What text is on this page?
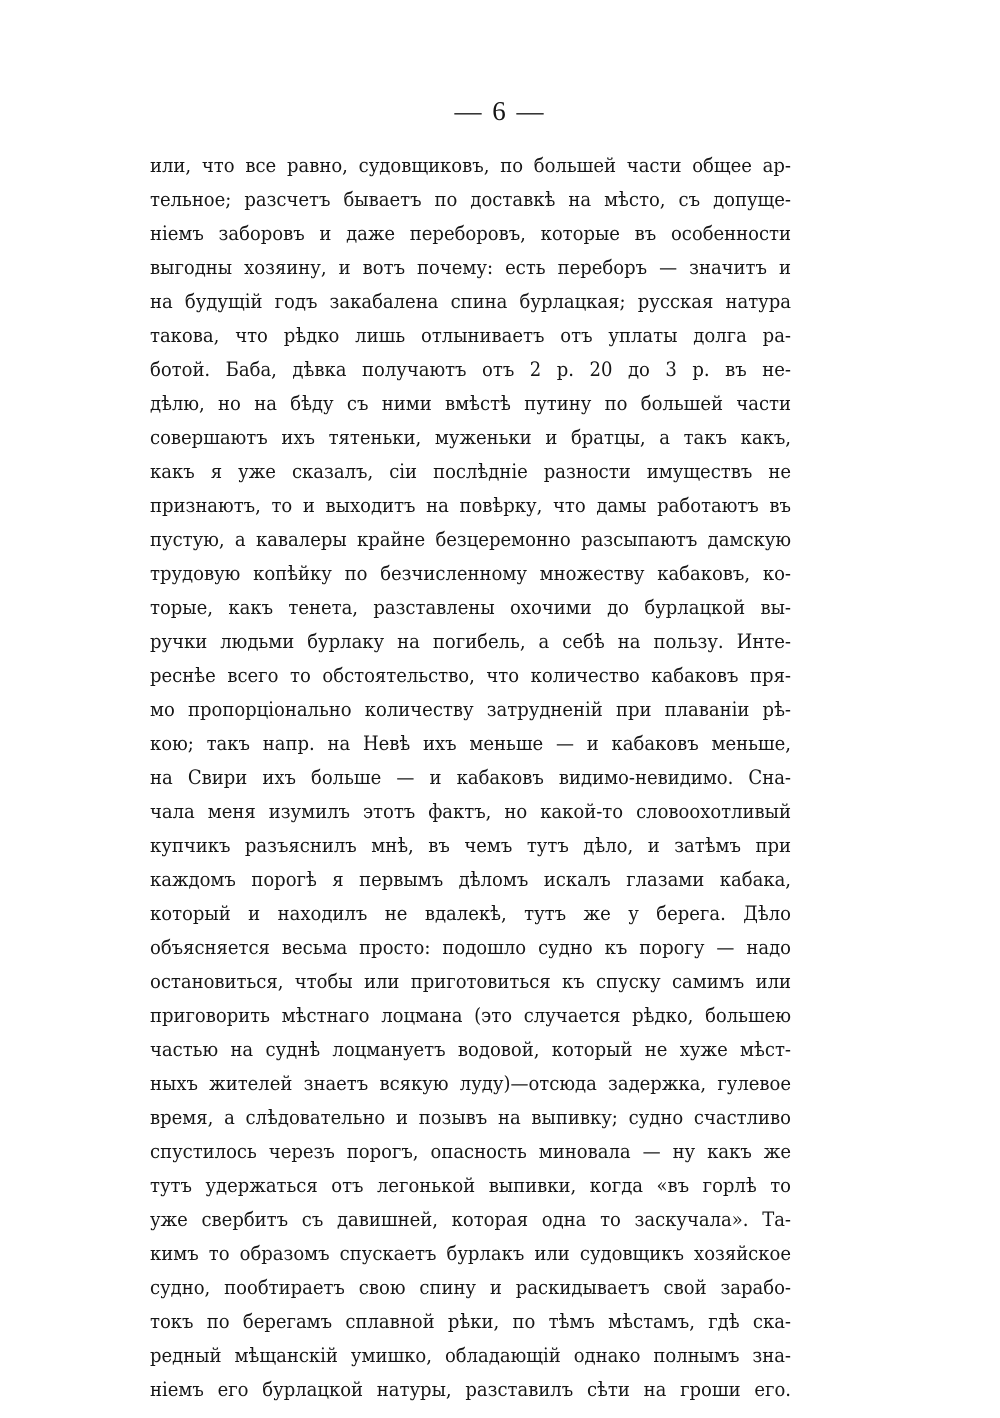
— 6 —
или, что все равно, судовщиковъ, по большей части общее ар-
тельное; разсчетъ бываетъ по доставкѣ на мѣсто, съ допуще-
ніемъ заборовъ и даже переборовъ, которые въ особенности
выгодны хозяину, и вотъ почему: есть переборъ — значитъ и
на будущій годъ закабалена спина бурлацкая; русская натура
такова, что рѣдко лишь отлыниваетъ отъ уплаты долга ра-
ботой. Баба, дѣвка получаютъ отъ 2 р. 20 до 3 р. въ не-
дѣлю, но на бѣду съ ними вмѣстѣ путину по большей части
совершаютъ ихъ тятеньки, муженьки и братцы, а такъ какъ,
какъ я уже сказалъ, сіи послѣдніе разности имуществъ не
признаютъ, то и выходитъ на повѣрку, что дамы работаютъ въ
пустую, а кавалеры крайне безцеремонно разсыпаютъ дамскую
трудовую копѣйку по безчисленному множеству кабаковъ, ко-
торые, какъ тенета, разставлены охочими до бурлацкой вы-
ручки людьми бурлаку на погибель, а себѣ на пользу. Инте-
реснѣе всего то обстоятельство, что количество кабаковъ пря-
мо пропорціонально количеству затрудненій при плаваніи рѣ-
кою; такъ напр. на Невѣ ихъ меньше — и кабаковъ меньше,
на Свири ихъ больше — и кабаковъ видимо-невидимо. Сна-
чала меня изумилъ этотъ фактъ, но какой-то словоохотливый
купчикъ разъяснилъ мнѣ, въ чемъ тутъ дѣло, и затѣмъ при
каждомъ порогѣ я первымъ дѣломъ искалъ глазами кабака,
который и находилъ не вдалекѣ, тутъ же у берега. Дѣло
объясняется весьма просто: подошло судно къ порогу — надо
остановиться, чтобы или приготовиться къ спуску самимъ или
приговорить мѣстнаго лоцмана (это случается рѣдко, большею
частью на суднѣ лоцмануетъ водовой, который не хуже мѣст-
ныхъ жителей знаетъ всякую луду)—отсюда задержка, гулевое
время, а слѣдовательно и позывъ на выпивку; судно счастливо
спустилось черезъ порогъ, опасность миновала — ну какъ же
тутъ удержаться отъ легонькой выпивки, когда «въ горлѣ то
уже свербитъ съ давишней, которая одна то заскучала». Та-
кимъ то образомъ спускаетъ бурлакъ или судовщикъ хозяйское
судно, пообтираетъ свою спину и раскидываетъ свой зарабо-
токъ по берегамъ сплавной рѣки, по тѣмъ мѣстамъ, гдѣ ска-
редный мѣщанскій умишко, обладающій однако полнымъ зна-
ніемъ его бурлацкой натуры, разставилъ сѣти на гроши его.
